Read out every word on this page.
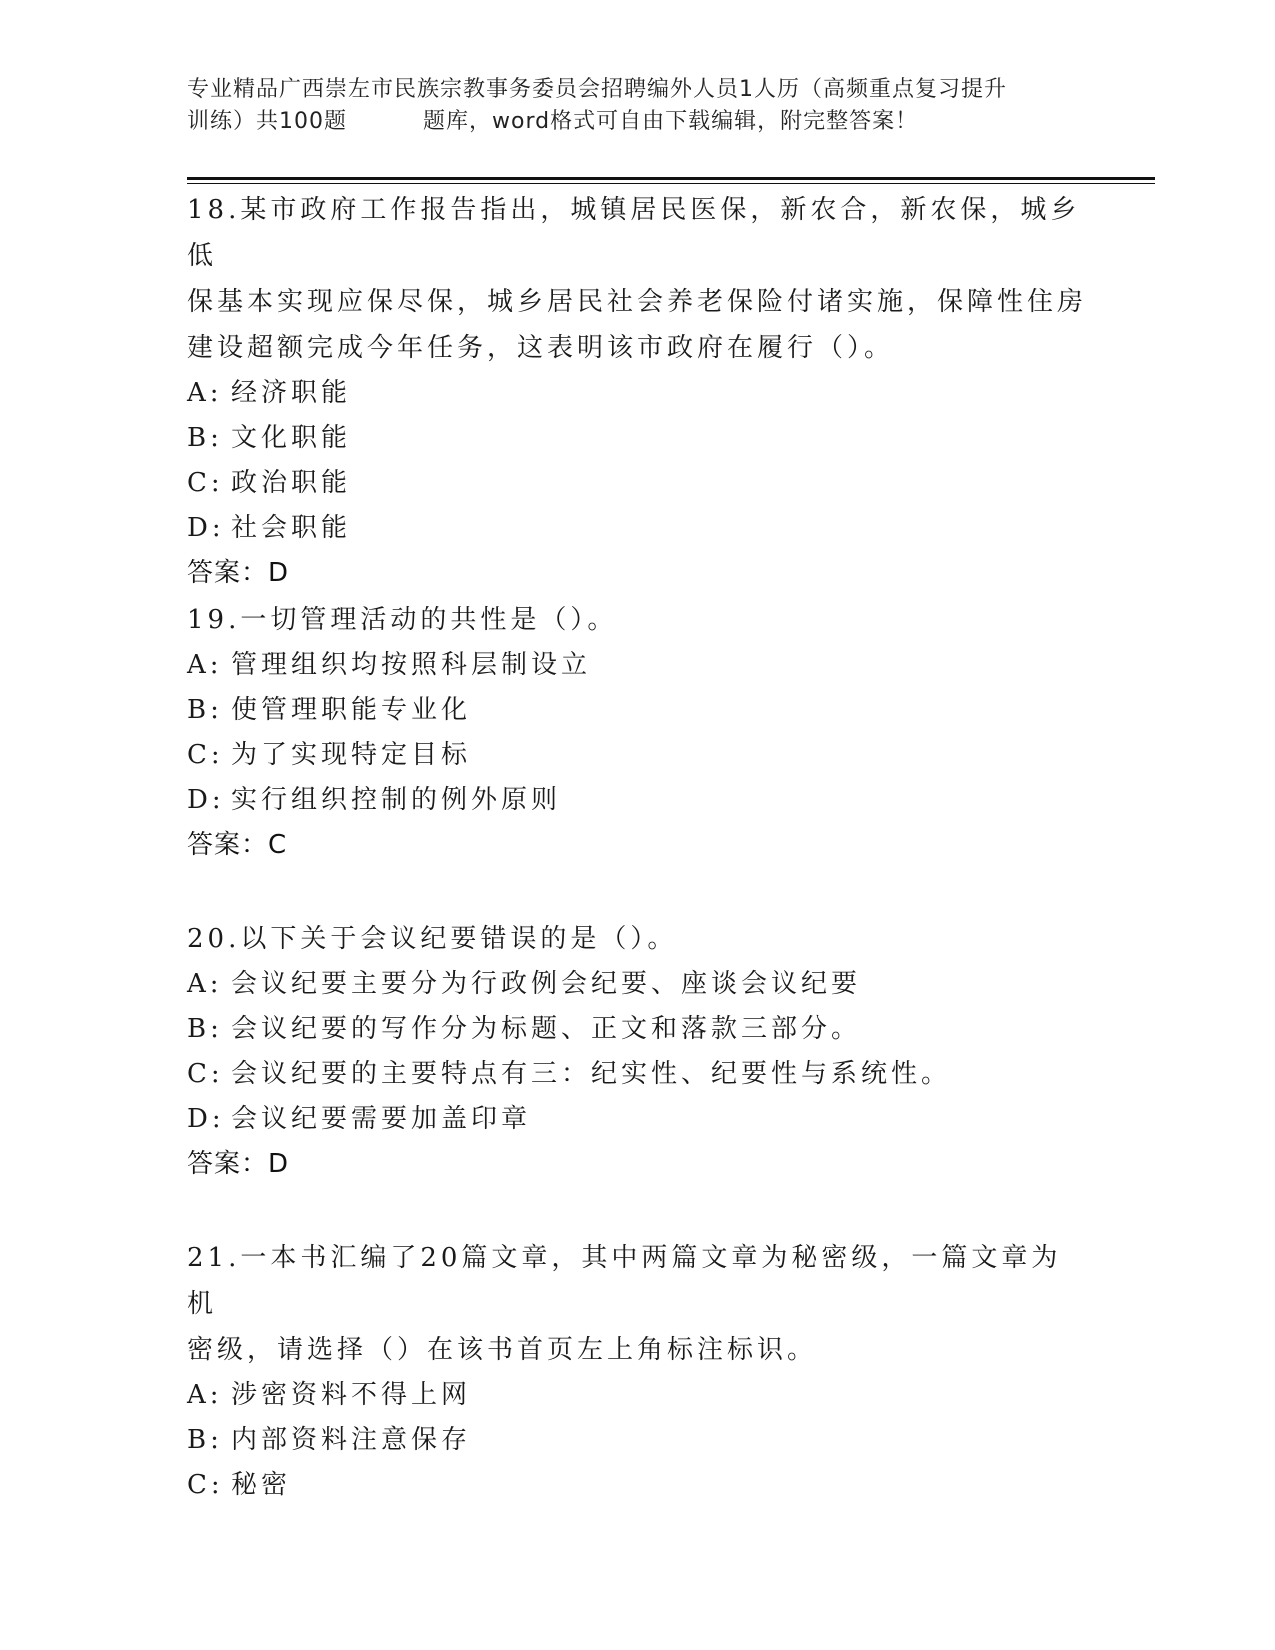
专业精品广西崇左市民族宗教事务委员会招聘编外人员1人历（高频重点复习提升
训练）共100题	题库，word格式可自由下载编辑，附完整答案！

18.某市政府工作报告指出，城镇居民医保，新农合，新农保，城乡低

保基本实现应保尽保，城乡居民社会养老保险付诸实施，保障性住房

建设超额完成今年任务，这表明该市政府在履行（）。

A: 经济职能

B: 文化职能

C: 政治职能

D: 社会职能

答案：D

19.一切管理活动的共性是（）。

A: 管理组织均按照科层制设立

B: 使管理职能专业化

C: 为了实现特定目标

D: 实行组织控制的例外原则

答案：C

20.以下关于会议纪要错误的是（）。

A: 会议纪要主要分为行政例会纪要、座谈会议纪要

B: 会议纪要的写作分为标题、正文和落款三部分。

C: 会议纪要的主要特点有三：纪实性、纪要性与系统性。

D: 会议纪要需要加盖印章

答案：D

21.一本书汇编了20篇文章，其中两篇文章为秘密级，一篇文章为机

密级，请选择（）在该书首页左上角标注标识。

A: 涉密资料不得上网

B: 内部资料注意保存

C: 秘密
